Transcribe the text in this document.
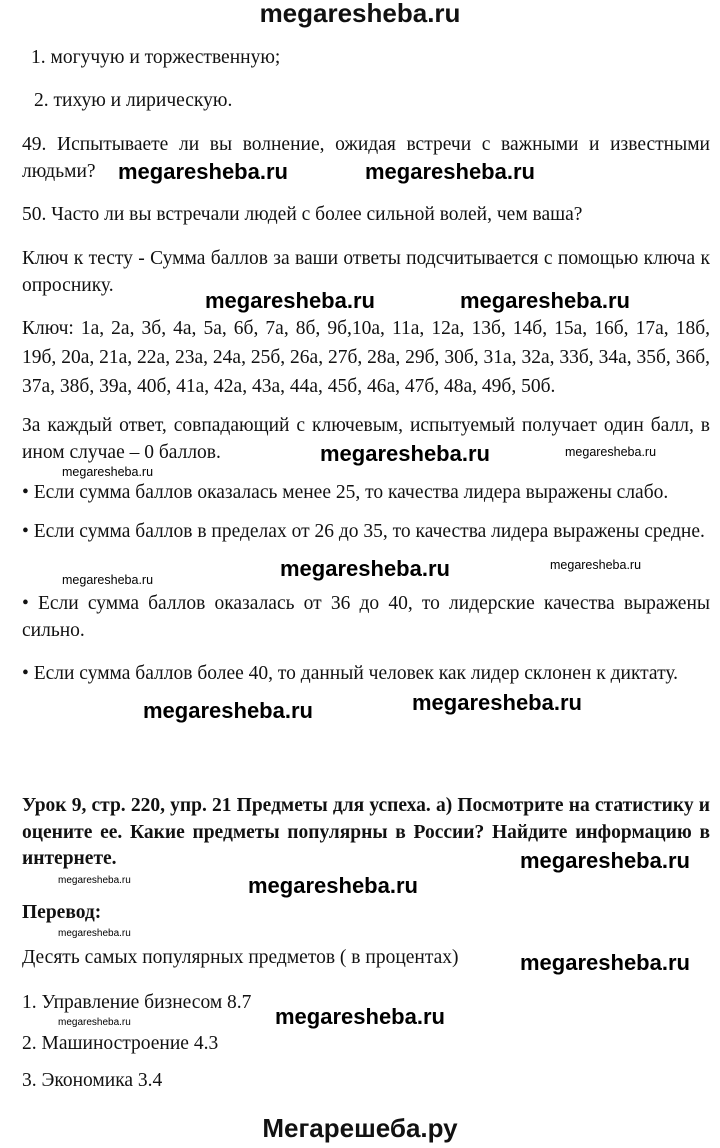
megaresheba.ru
1. могучую и торжественную;
2. тихую и лирическую.
49. Испытываете ли вы волнение, ожидая встречи с важными и известными людьми?
50. Часто ли вы встречали людей с более сильной волей, чем ваша?
Ключ к тесту - Сумма баллов за ваши ответы подсчитывается с помощью ключа к опроснику.
Ключ: 1а, 2а, 3б, 4а, 5а, 6б, 7а, 8б, 9б,10а, 11а, 12а, 13б, 14б, 15а, 16б, 17а, 18б, 19б, 20а, 21а, 22а, 23а, 24а, 25б, 26а, 27б, 28а, 29б, 30б, 31а, 32а, 33б, 34а, 35б, 36б, 37а, 38б, 39а, 40б, 41а, 42а, 43а, 44а, 45б, 46а, 47б, 48а, 49б, 50б.
За каждый ответ, совпадающий с ключевым, испытуемый получает один балл, в ином случае – 0 баллов.
• Если сумма баллов оказалась менее 25, то качества лидера выражены слабо.
• Если сумма баллов в пределах от 26 до 35, то качества лидера выражены средне.
• Если сумма баллов оказалась от 36 до 40, то лидерские качества выражены сильно.
• Если сумма баллов более 40, то данный человек как лидер склонен к диктату.
Урок 9, стр. 220, упр. 21 Предметы для успеха. а) Посмотрите на статистику и оцените ее. Какие предметы популярны в России? Найдите информацию в интернете.
Перевод:
Десять самых популярных предметов ( в процентах)
1. Управление бизнесом 8.7
2. Машиностроение 4.3
3. Экономика 3.4
megaresheba.ru	megaresheba.ru
megaresheba.ru	megaresheba.ru
megaresheba.ru	megaresheba.ru
megaresheba.ru
megaresheba.ru	megaresheba.ru	megaresheba.ru
megaresheba.ru	megaresheba.ru
megaresheba.ru
megaresheba.ru	megaresheba.ru
megaresheba.ru
megaresheba.ru
megaresheba.ru	megaresheba.ru
Мегарешеба.ру
